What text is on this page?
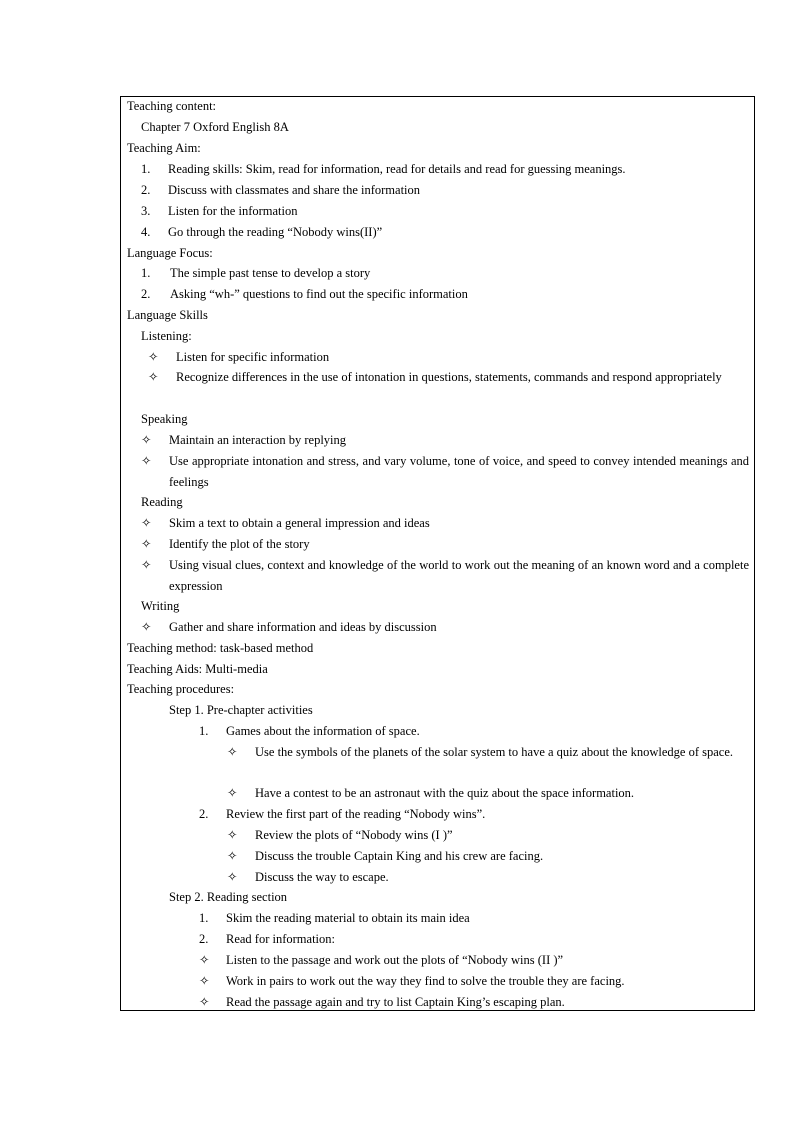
Teaching content:
Chapter 7 Oxford English 8A
Teaching Aim:
1. Reading skills: Skim, read for information, read for details and read for guessing meanings.
2. Discuss with classmates and share the information
3. Listen for the information
4. Go through the reading “Nobody wins(II)”
Language Focus:
1. The simple past tense to develop a story
2. Asking “wh-” questions to find out the specific information
Language Skills
Listening:
✧ Listen for specific information
✧ Recognize differences in the use of intonation in questions, statements, commands and respond appropriately
Speaking
✧ Maintain an interaction by replying
✧ Use appropriate intonation and stress, and vary volume, tone of voice, and speed to convey intended meanings and feelings
Reading
✧ Skim a text to obtain a general impression and ideas
✧ Identify the plot of the story
✧ Using visual clues, context and knowledge of the world to work out the meaning of an known word and a complete expression
Writing
✧ Gather and share information and ideas by discussion
Teaching method: task-based method
Teaching Aids: Multi-media
Teaching procedures:
Step 1. Pre-chapter activities
1. Games about the information of space.
✧ Use the symbols of the planets of the solar system to have a quiz about the knowledge of space.
✧ Have a contest to be an astronaut with the quiz about the space information.
2. Review the first part of the reading “Nobody wins”.
✧ Review the plots of “Nobody wins (I )”
✧ Discuss the trouble Captain King and his crew are facing.
✧ Discuss the way to escape.
Step 2. Reading section
1. Skim the reading material to obtain its main idea
2. Read for information:
✧ Listen to the passage and work out the plots of “Nobody wins (II )”
✧ Work in pairs to work out the way they find to solve the trouble they are facing.
✧ Read the passage again and try to list Captain King’s escaping plan.
